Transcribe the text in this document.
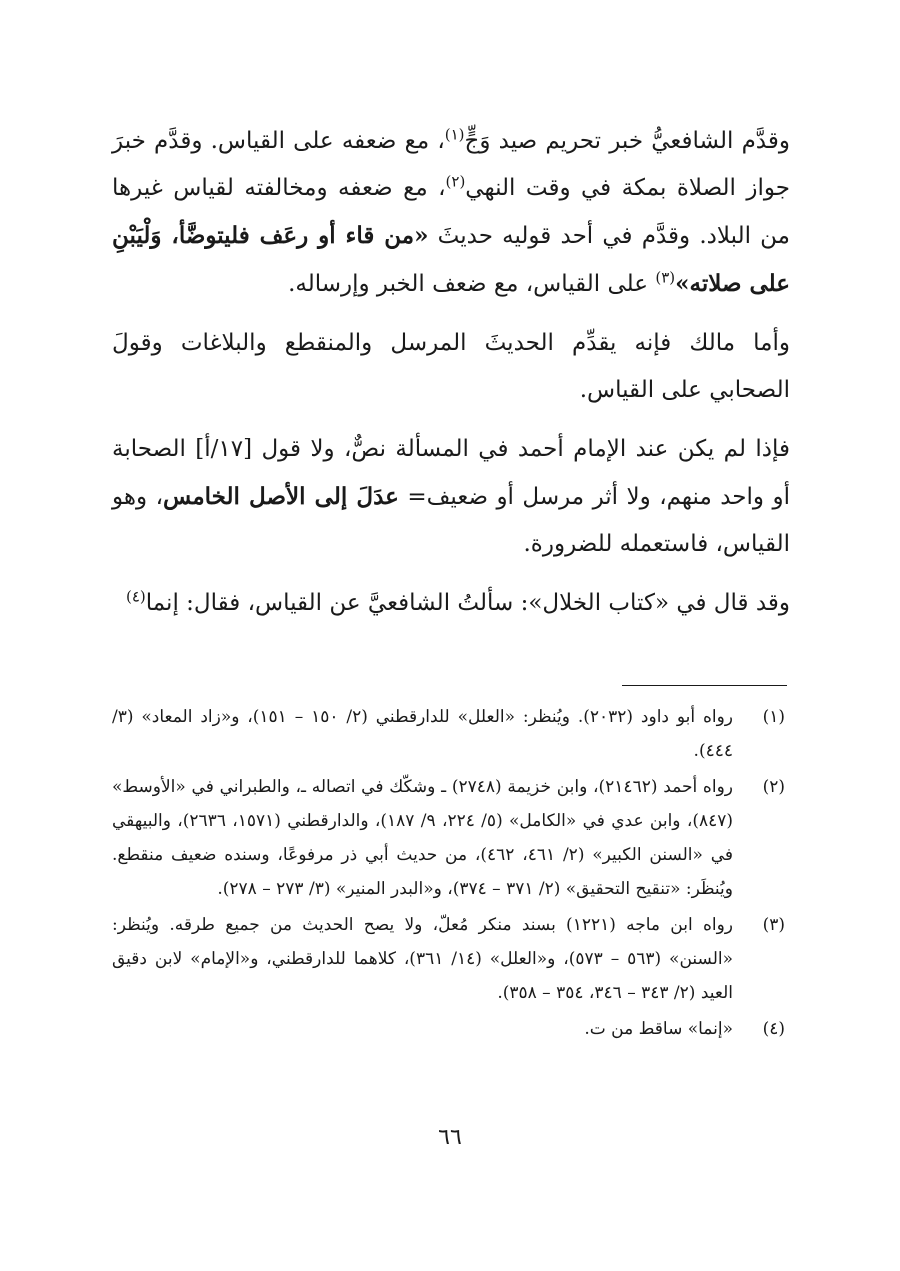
وقدَّم الشافعيُّ خبر تحريم صيد وَجٍّ$^{(١)}$، مع ضعفه على القياس. وقدَّم خبرَ جواز الصلاة بمكة في وقت النهي$^{(٢)}$، مع ضعفه ومخالفته لقياس غيرها من البلاد. وقدَّم في أحد قوليه حديثَ «من قاء أو رعَف فليتوضَّأ، وَلْيَبْنِ على صلاته»$^{(٣)}$ على القياس، مع ضعف الخبر وإرساله.

وأما مالك فإنه يقدِّم الحديثَ المرسل والمنقطع والبلاغات وقولَ الصحابي على القياس.

فإذا لم يكن عند الإمام أحمد في المسألة نصٌّ، ولا قول [١٧/أ] الصحابة أو واحد منهم، ولا أثر مرسل أو ضعيف= عدَلَ إلى الأصل الخامس، وهو القياس، فاستعمله للضرورة.

وقد قال في «كتاب الخلال»: سألتُ الشافعيَّ عن القياس، فقال: إنما$^{(٤)}$

(١)
رواه أبو داود (٢٠٣٢). ويُنظر: «العلل» للدارقطني (٢/ ١٥٠ – ١٥١)، و«زاد المعاد» (٣/ ٤٤٤).
(٢)
رواه أحمد (٢١٤٦٢)، وابن خزيمة (٢٧٤٨) ـ وشكّك في اتصاله ـ، والطبراني في «الأوسط» (٨٤٧)، وابن عدي في «الكامل» (٥/ ٢٢٤، ٩/ ١٨٧)، والدارقطني (١٥٧١، ٢٦٣٦)، والبيهقي في «السنن الكبير» (٢/ ٤٦١، ٤٦٢)، من حديث أبي ذر مرفوعًا، وسنده ضعيف منقطع. ويُنظَر: «تنقيح التحقيق» (٢/ ٣٧١ – ٣٧٤)، و«البدر المنير» (٣/ ٢٧٣ – ٢٧٨).
(٣)
رواه ابن ماجه (١٢٢١) بسند منكر مُعلّ، ولا يصح الحديث من جميع طرقه. ويُنظر: «السنن» (٥٦٣ – ٥٧٣)، و«العلل» (١٤/ ٣٦١)، كلاهما للدارقطني، و«الإمام» لابن دقيق العيد (٢/ ٣٤٣ – ٣٤٦، ٣٥٤ – ٣٥٨).
(٤)
«إنما» ساقط من ت.
٦٦
